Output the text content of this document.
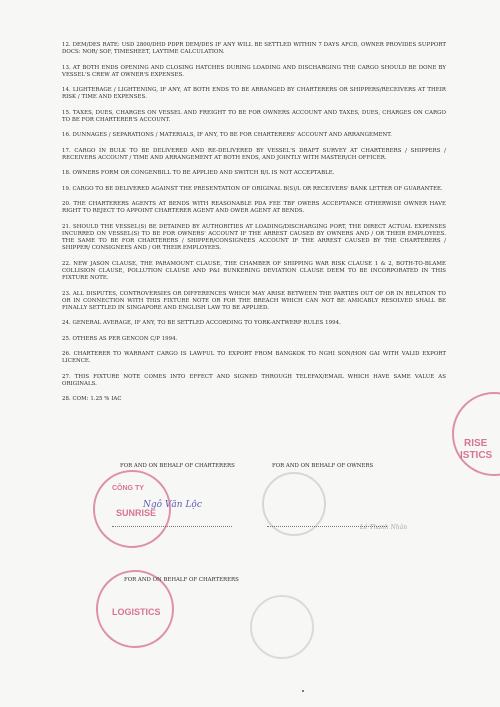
12. DEM/DES RATE: USD 2800/DHD PDPR DEM/DES IF ANY WILL BE SETTLED WITHIN 7 DAYS AFCD, OWNER PROVIDES SUPPORT DOCS: NOR/ SOF, TIMESHEET, LAYTIME CALCULATION.

13. AT BOTH ENDS OPENING AND CLOSING HATCHES DURING LOADING AND DISCHARGING THE CARGO SHOULD BE DONE BY VESSEL'S CREW AT OWNER'S EXPENSES.

14. LIGHTERAGE / LIGHTENING, IF ANY, AT BOTH ENDS TO BE ARRANGED BY CHARTERERS OR SHIPPERS/RECEIVERS AT THEIR RISK / TIME AND EXPENSES.

15. TAXES, DUES, CHARGES ON VESSEL AND FREIGHT TO BE FOR OWNERS ACCOUNT AND TAXES, DUES, CHARGES ON CARGO TO BE FOR CHARTERER'S ACCOUNT.

16. DUNNAGES / SEPARATIONS / MATERIALS, IF ANY, TO BE FOR CHARTERERS' ACCOUNT AND ARRANGEMENT.

17. CARGO IN BULK TO BE DELIVERED AND RE-DELIVERED BY VESSEL'S DRAFT SURVEY AT CHARTERERS / SHIPPERS / RECEIVERS ACCOUNT / TIME AND ARRANGEMENT AT BOTH ENDS, AND JOINTLY WITH MASTER/CH OFFICER.

18. OWNERS FORM OR CONGENBILL TO BE APPLIED AND SWITCH B/L IS NOT ACCEPTABLE.

19. CARGO TO BE DELIVERED AGAINST THE PRESENTATION OF ORIGINAL B(S)/L OR RECEIVERS' BANK LETTER OF GUARANTEE.

20. THE CHARTERERS AGENTS AT BENDS WITH REASONABLE PDA FEE TBF OWERS ACCEPTANCE OTHERWISE OWNER HAVE RIGHT TO REJECT TO APPOINT CHARTERER AGENT AND OWER AGENT AT BENDS.

21. SHOULD THE VESSEL(S) BE DETAINED BY AUTHORITIES AT LOADING/DISCHARGING PORT, THE DIRECT ACTUAL EXPENSES INCURRED ON VESSEL(S) TO BE FOR OWNERS' ACCOUNT IF THE ARREST CAUSED BY OWNERS AND / OR THEIR EMPLOYEES. THE SAME TO BE FOR CHARTERERS / SHIPPER/CONSIGNEES ACCOUNT IF THE ARREST CAUSED BY THE CHARTERERS / SHIPPER/ CONSIGNEES AND / OR THEIR EMPLOYEES.

22. NEW JASON CLAUSE, THE PARAMOUNT CLAUSE, THE CHAMBER OF SHIPPING WAR RISK CLAUSE 1 & 2, BOTH-TO-BLAME COLLISION CLAUSE, POLLUTION CLAUSE AND P&I BUNKERING DEVIATION CLAUSE DEEM TO BE INCORPORATED IN THIS FIXTURE NOTE.

23. ALL DISPUTES, CONTROVERSIES OR DIFFERENCES WHICH MAY ARISE BETWEEN THE PARTIES OUT OF OR IN RELATION TO OR IN CONNECTION WITH THIS FIXTURE NOTE OR FOR THE BREACH WHICH CAN NOT BE AMICABLY RESOLVED SHALL BE FINALLY SETTLED IN SINGAPORE AND ENGLISH LAW TO BE APPLIED.

24. GENERAL AVERAGE, IF ANY, TO BE SETTLED ACCORDING TO YORK-ANTWERP RULES 1994.

25. OTHERS AS PER GENCON C/P 1994.

26. CHARTERER TO WARRANT CARGO IS LAWFUL TO EXPORT FROM BANGKOK TO NGHI SON/HON GAI WITH VALID EXPORT LICENCE.

27. THIS FIXTURE NOTE COMES INTO EFFECT AND SIGNED THROUGH TELEFAX/EMAIL WHICH HAVE SAME VALUE AS ORIGINALS.

28. COM: 1.25 % IAC

FOR AND ON BEHALF OF CHARTERERS	FOR AND ON BEHALF OF OWNERS
CÔNG TY
SUNRISE
Ngô Văn Lộc
Lê Thanh Nhân
RISE
ISTICS
FOR AND ON BEHALF OF CHARTERERS
LOGISTICS
